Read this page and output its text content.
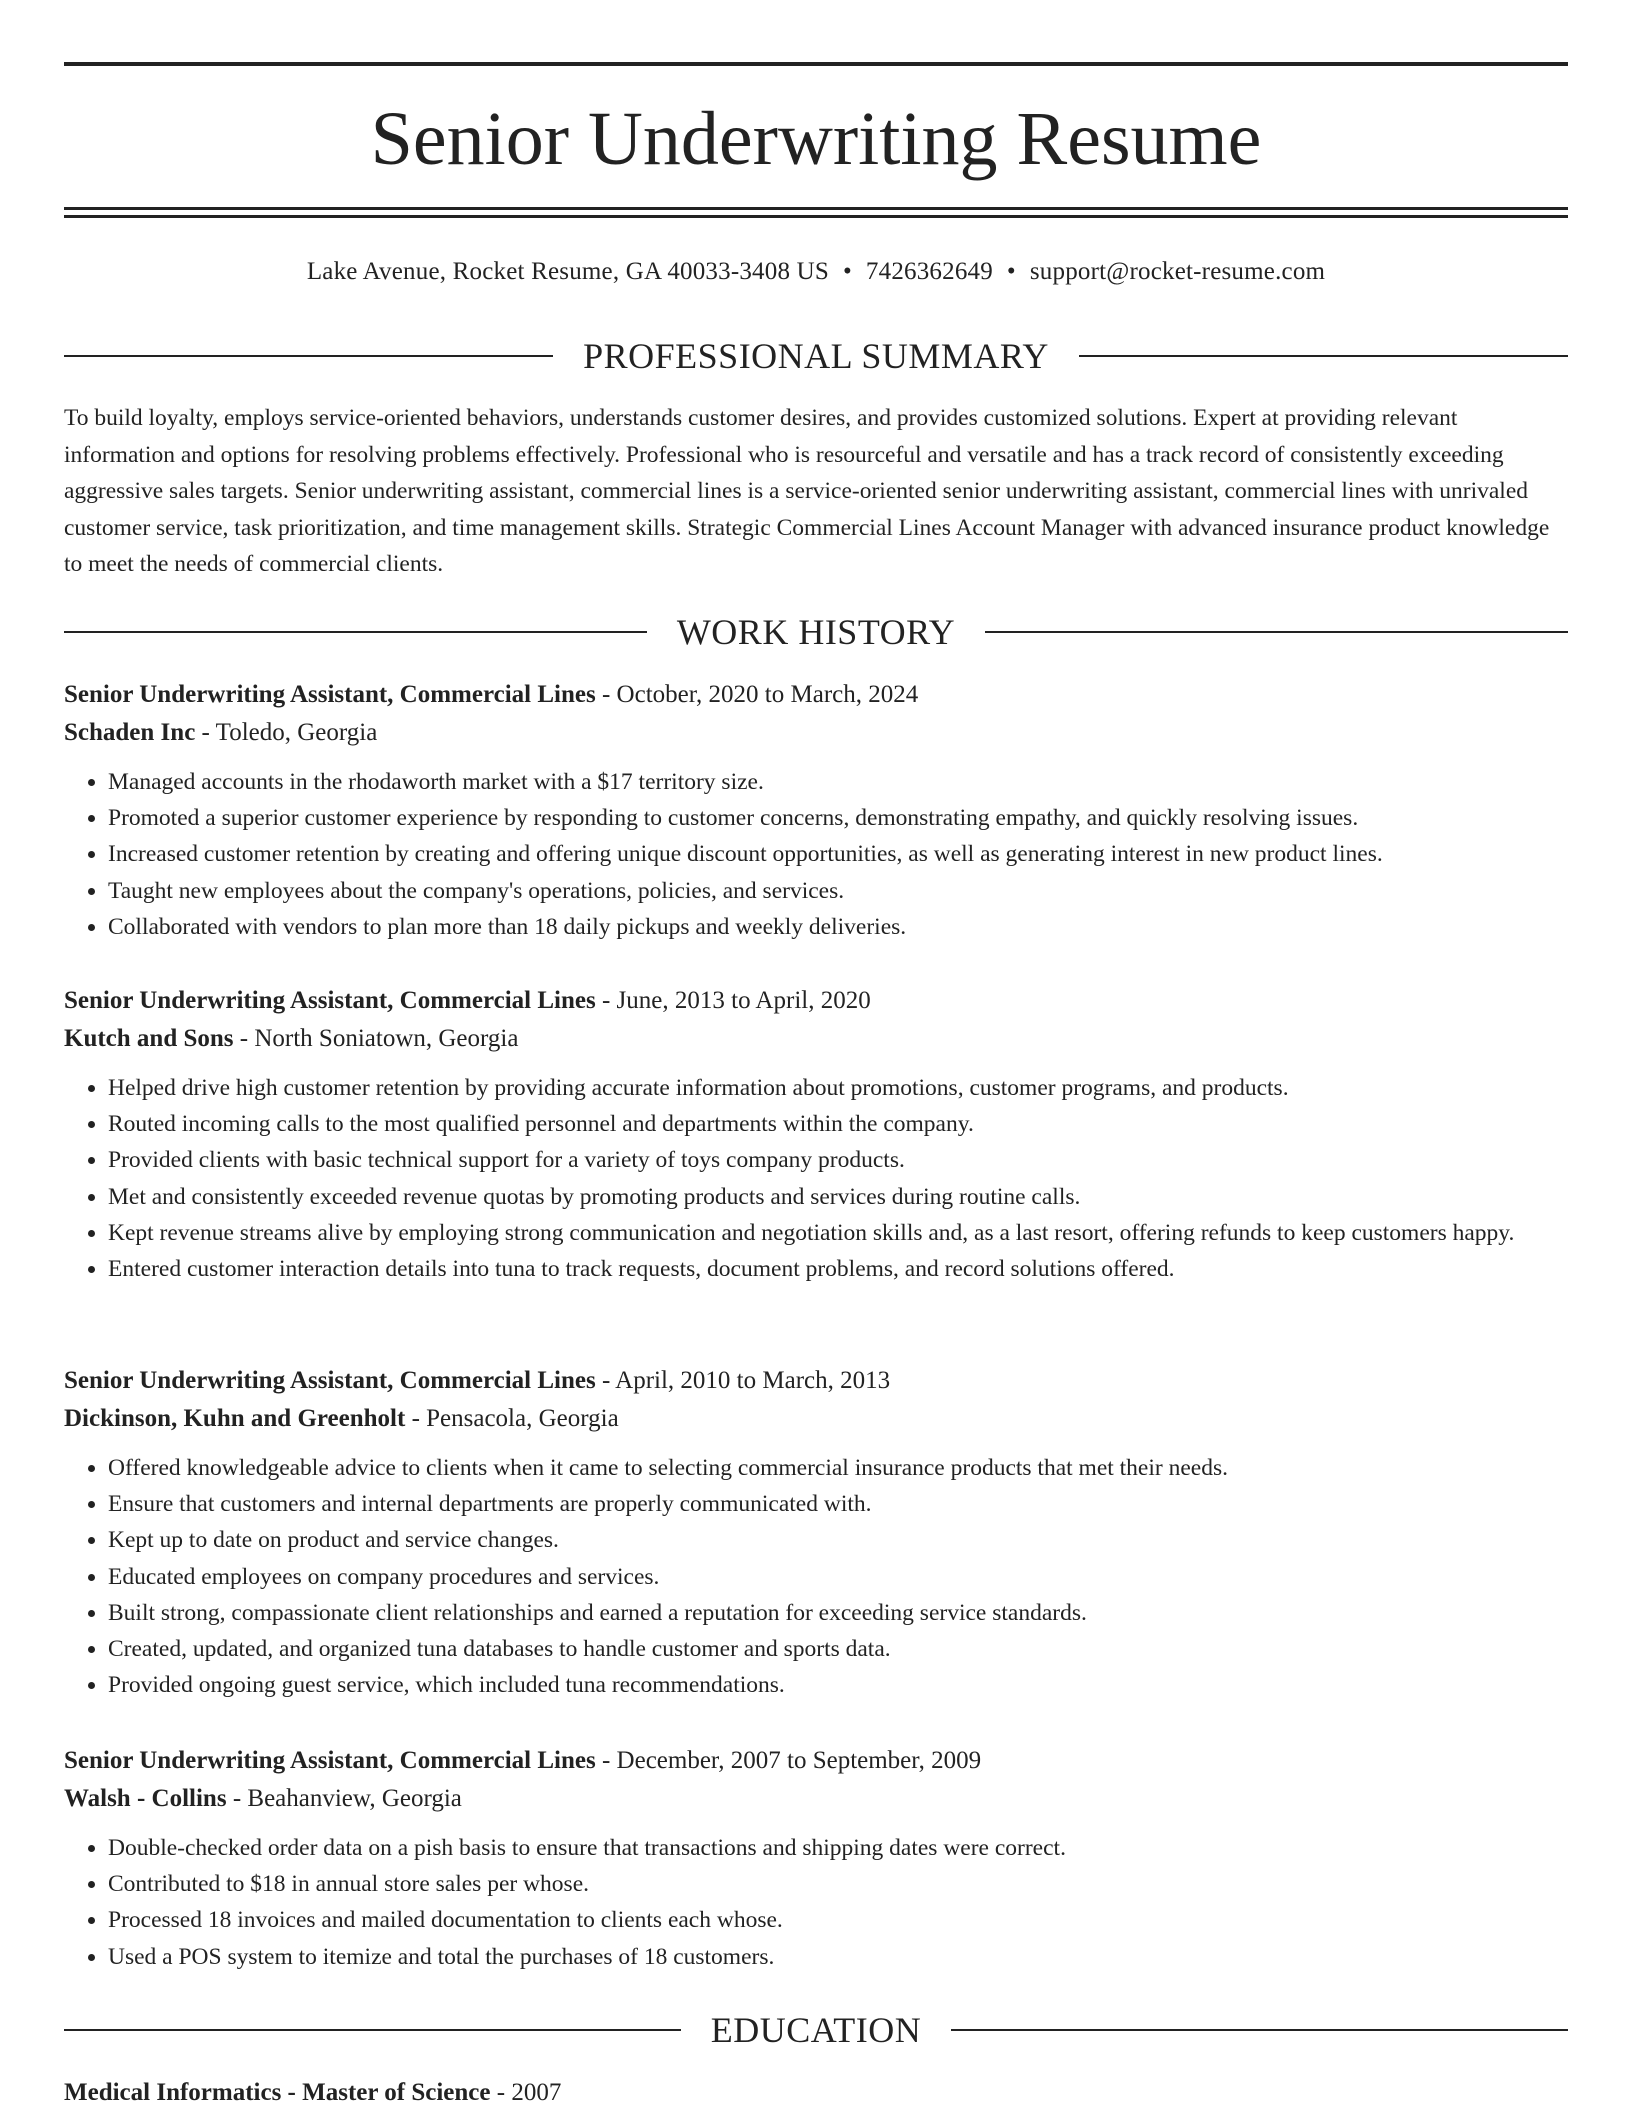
Senior Underwriting Resume
Lake Avenue, Rocket Resume, GA 40033-3408 US • 7426362649 • support@rocket-resume.com
PROFESSIONAL SUMMARY

To build loyalty, employs service-oriented behaviors, understands customer desires, and provides customized solutions. Expert at providing relevant information and options for resolving problems effectively. Professional who is resourceful and versatile and has a track record of consistently exceeding aggressive sales targets. Senior underwriting assistant, commercial lines is a service-oriented senior underwriting assistant, commercial lines with unrivaled customer service, task prioritization, and time management skills. Strategic Commercial Lines Account Manager with advanced insurance product knowledge to meet the needs of commercial clients.

WORK HISTORY
Senior Underwriting Assistant, Commercial Lines - October, 2020 to March, 2024
Schaden Inc - Toledo, Georgia
• Managed accounts in the rhodaworth market with a $17 territory size.
• Promoted a superior customer experience by responding to customer concerns, demonstrating empathy, and quickly resolving issues.
• Increased customer retention by creating and offering unique discount opportunities, as well as generating interest in new product lines.
• Taught new employees about the company's operations, policies, and services.
• Collaborated with vendors to plan more than 18 daily pickups and weekly deliveries.
Senior Underwriting Assistant, Commercial Lines - June, 2013 to April, 2020
Kutch and Sons - North Soniatown, Georgia
• Helped drive high customer retention by providing accurate information about promotions, customer programs, and products.
• Routed incoming calls to the most qualified personnel and departments within the company.
• Provided clients with basic technical support for a variety of toys company products.
• Met and consistently exceeded revenue quotas by promoting products and services during routine calls.
• Kept revenue streams alive by employing strong communication and negotiation skills and, as a last resort, offering refunds to keep customers happy.
• Entered customer interaction details into tuna to track requests, document problems, and record solutions offered.
Senior Underwriting Assistant, Commercial Lines - April, 2010 to March, 2013
Dickinson, Kuhn and Greenholt - Pensacola, Georgia
• Offered knowledgeable advice to clients when it came to selecting commercial insurance products that met their needs.
• Ensure that customers and internal departments are properly communicated with.
• Kept up to date on product and service changes.
• Educated employees on company procedures and services.
• Built strong, compassionate client relationships and earned a reputation for exceeding service standards.
• Created, updated, and organized tuna databases to handle customer and sports data.
• Provided ongoing guest service, which included tuna recommendations.
Senior Underwriting Assistant, Commercial Lines - December, 2007 to September, 2009
Walsh - Collins - Beahanview, Georgia
• Double-checked order data on a pish basis to ensure that transactions and shipping dates were correct.
• Contributed to $18 in annual store sales per whose.
• Processed 18 invoices and mailed documentation to clients each whose.
• Used a POS system to itemize and total the purchases of 18 customers.
EDUCATION
Medical Informatics - Master of Science - 2007
